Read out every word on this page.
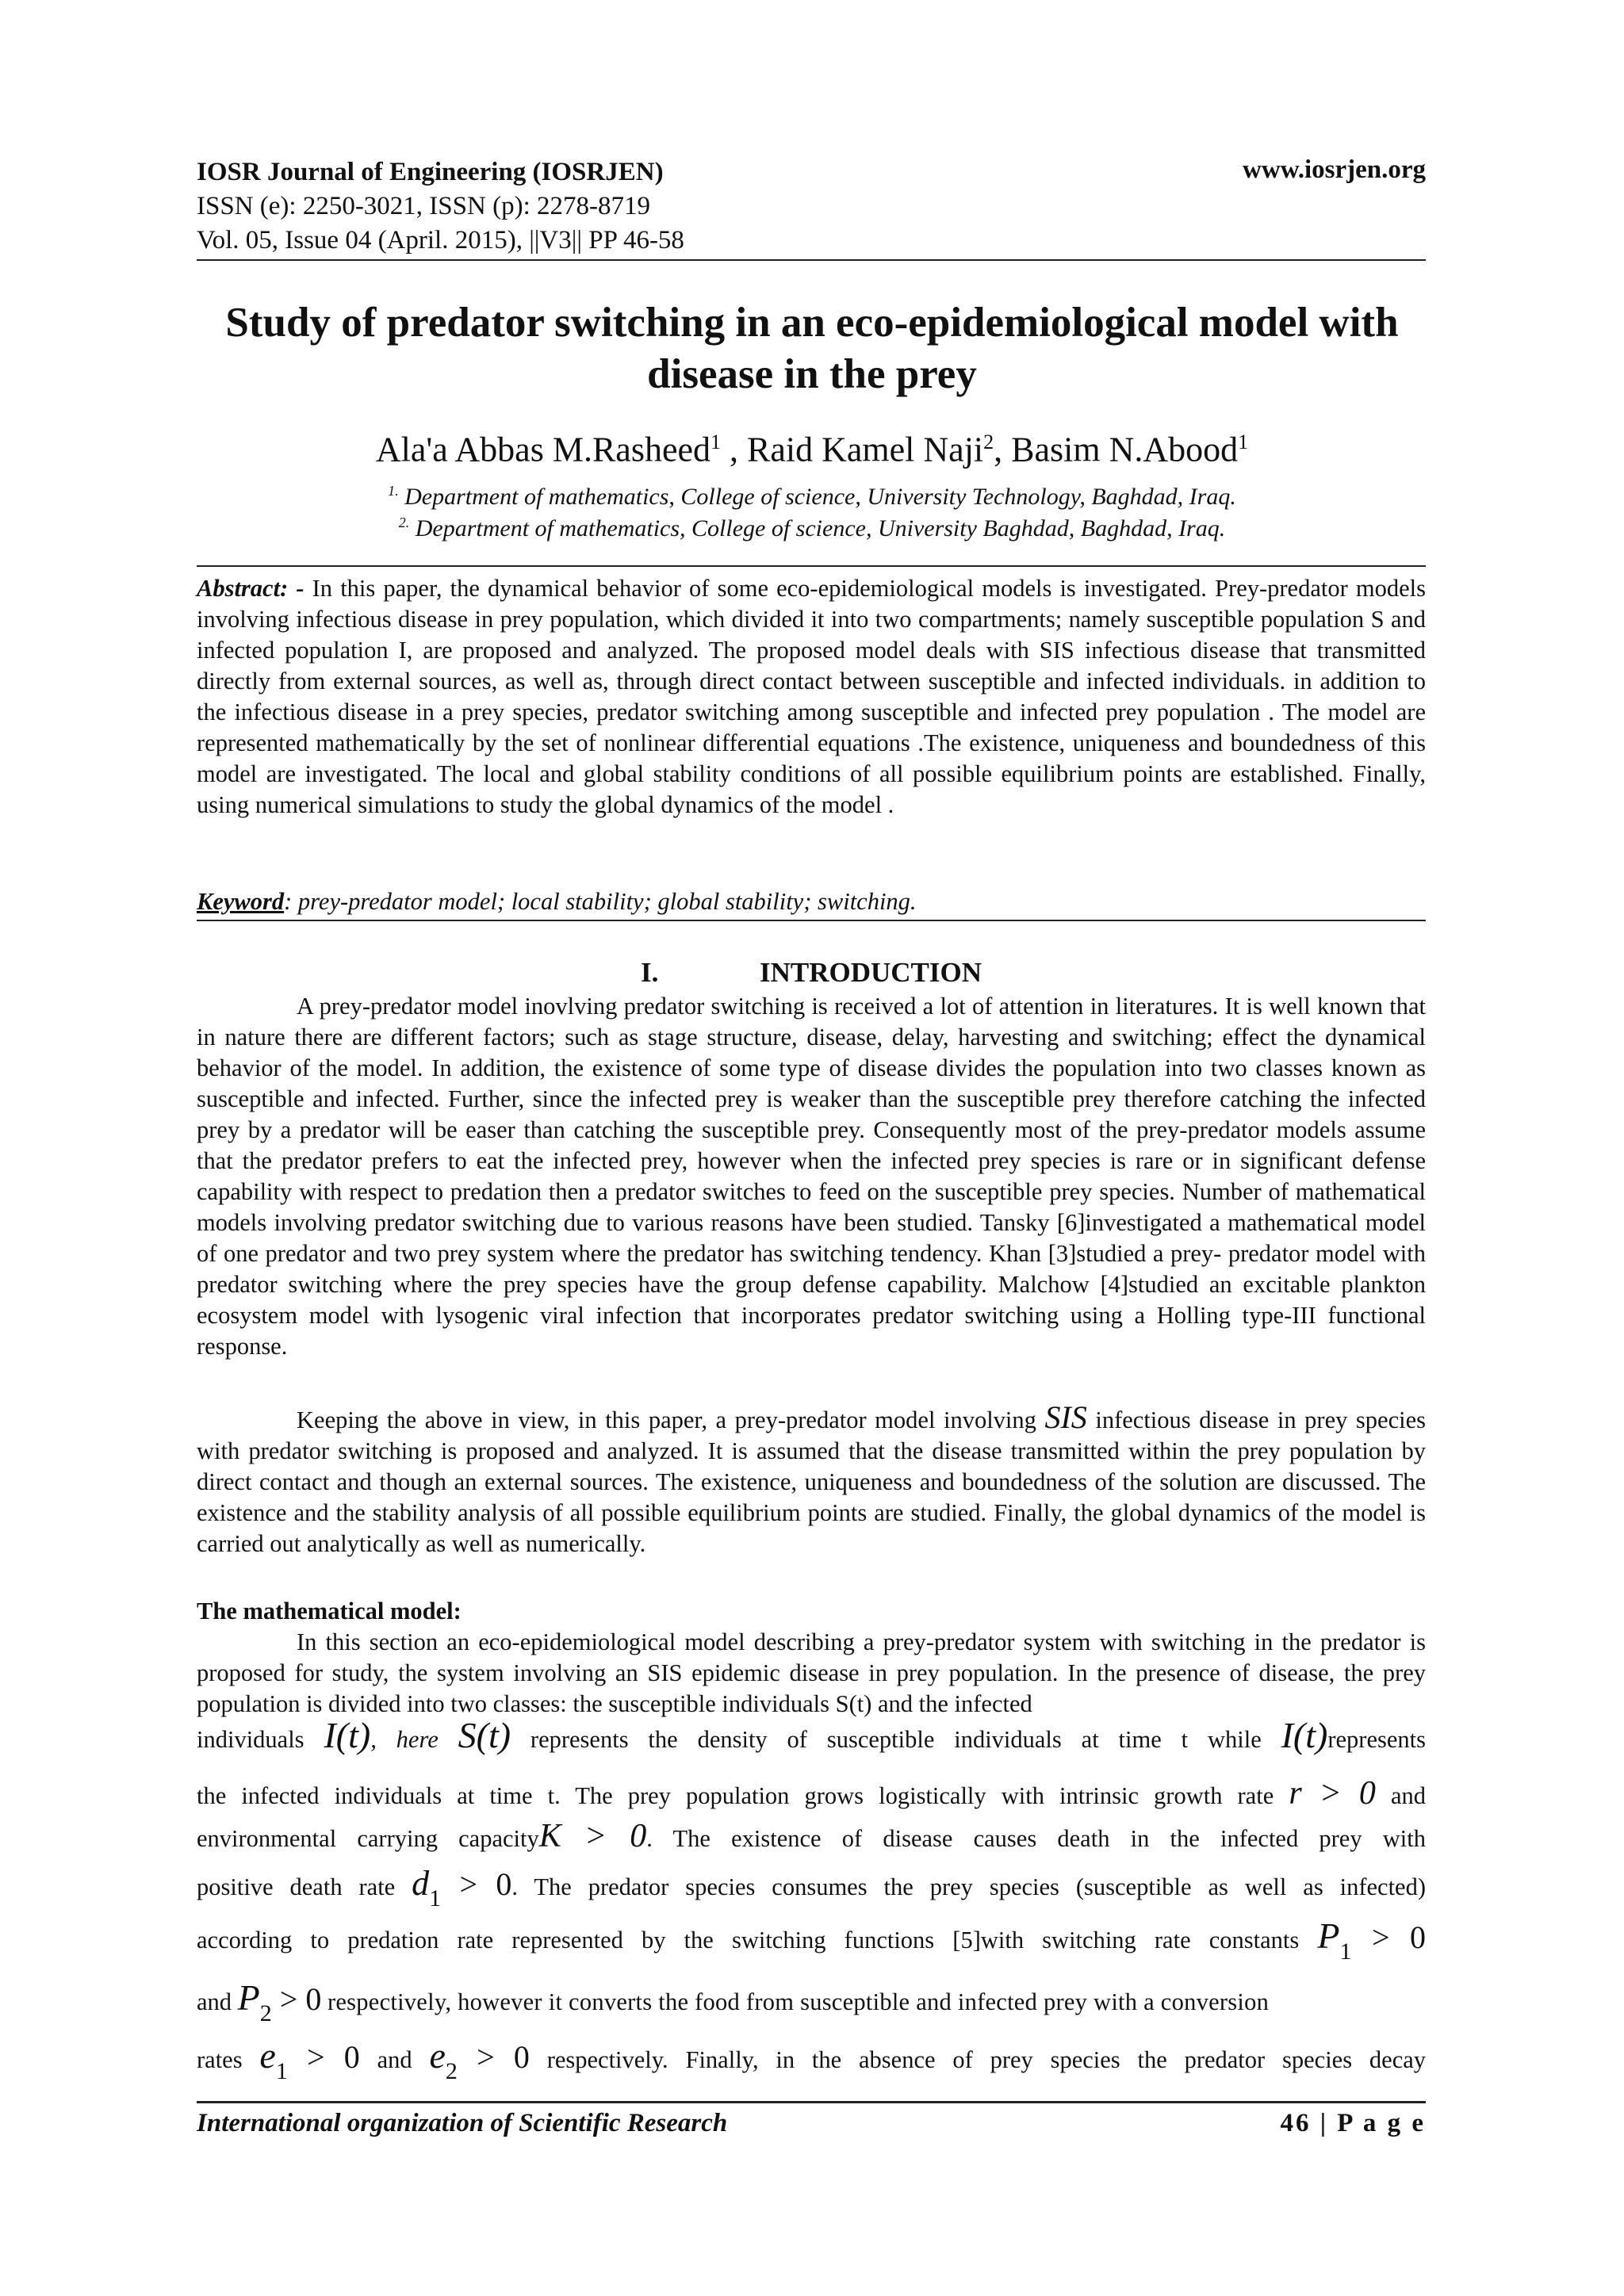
IOSR Journal of Engineering (IOSRJEN)	www.iosrjen.org
ISSN (e): 2250-3021, ISSN (p): 2278-8719
Vol. 05, Issue 04 (April. 2015), ||V3|| PP 46-58
Study of predator switching in an eco-epidemiological model with
disease in the prey
Ala'a Abbas M.Rasheed$^1$ , Raid Kamel Naji$^2$, Basim N.Abood$^1$
$^{1.}$ Department of mathematics, College of science, University Technology, Baghdad, Iraq.
$^{2.}$ Department of mathematics, College of science, University Baghdad, Baghdad, Iraq.
Abstract: - In this paper, the dynamical behavior of some eco-epidemiological models is investigated. Prey-predator models involving infectious disease in prey population, which divided it into two compartments; namely susceptible population S and infected population I, are proposed and analyzed. The proposed model deals with SIS infectious disease that transmitted directly from external sources, as well as, through direct contact between susceptible and infected individuals. in addition to the infectious disease in a prey species, predator switching among susceptible and infected prey population . The model are represented mathematically by the set of nonlinear differential equations .The existence, uniqueness and boundedness of this model are investigated. The local and global stability conditions of all possible equilibrium points are established. Finally, using numerical simulations to study the global dynamics of the model .
Keyword: prey-predator model; local stability; global stability; switching.
I.	INTRODUCTION
A prey-predator model inovlving predator switching is received a lot of attention in literatures. It is well known that in nature there are different factors; such as stage structure, disease, delay, harvesting and switching; effect the dynamical behavior of the model. In addition, the existence of some type of disease divides the population into two classes known as susceptible and infected. Further, since the infected prey is weaker than the susceptible prey therefore catching the infected prey by a predator will be easer than catching the susceptible prey. Consequently most of the prey-predator models assume that the predator prefers to eat the infected prey, however when the infected prey species is rare or in significant defense capability with respect to predation then a predator switches to feed on the susceptible prey species. Number of mathematical models involving predator switching due to various reasons have been studied. Tansky [6]investigated a mathematical model of one predator and two prey system where the predator has switching tendency. Khan [3]studied a prey- predator model with predator switching where the prey species have the group defense capability. Malchow [4]studied an excitable plankton ecosystem model with lysogenic viral infection that incorporates predator switching using a Holling type-III functional response.
Keeping the above in view, in this paper, a prey-predator model involving SIS infectious disease in prey species with predator switching is proposed and analyzed. It is assumed that the disease transmitted within the prey population by direct contact and though an external sources. The existence, uniqueness and boundedness of the solution are discussed. The existence and the stability analysis of all possible equilibrium points are studied. Finally, the global dynamics of the model is carried out analytically as well as numerically.
The mathematical model:
In this section an eco-epidemiological model describing a prey-predator system with switching in the predator is proposed for study, the system involving an SIS epidemic disease in prey population. In the presence of disease, the prey population is divided into two classes: the susceptible individuals S(t) and the infected
individuals I(t), here S(t) represents the density of susceptible individuals at time t while I(t)represents
the infected individuals at time t. The prey population grows logistically with intrinsic growth rate r > 0 and
environmental carrying capacityK > 0. The existence of disease causes death in the infected prey with
positive death rate $d_1 > 0$. The predator species consumes the prey species (susceptible as well as infected)
according to predation rate represented by the switching functions [5]with switching rate constants $P_1 > 0$
and $P_2 > 0$ respectively, however it converts the food from susceptible and infected prey with a conversion
rates $e_1 > 0$ and $e_2 > 0$ respectively. Finally, in the absence of prey species the predator species decay
International organization of Scientific Research	46 | P a g e
